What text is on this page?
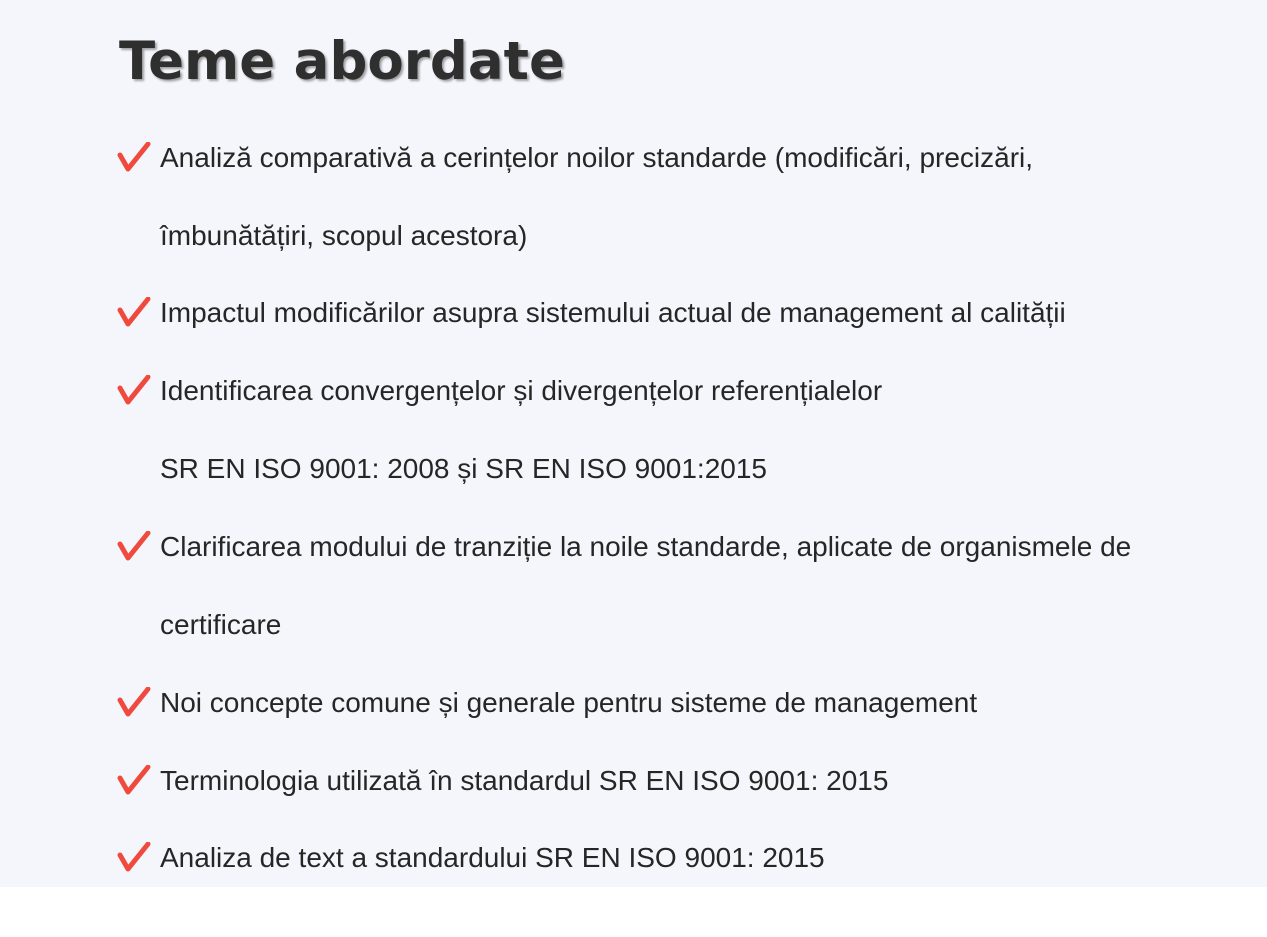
Teme abordate
Analiză comparativă a cerințelor noilor standarde (modificări, precizări,
îmbunătățiri, scopul acestora)
Impactul modificărilor asupra sistemului actual de management al calității
Identificarea convergențelor și divergențelor referențialelor
SR EN ISO 9001: 2008 și SR EN ISO 9001:2015
Clarificarea modului de tranziție la noile standarde, aplicate de organismele de
certificare
Noi concepte comune și generale pentru sisteme de management
Terminologia utilizată în standardul SR EN ISO 9001: 2015
Analiza de text a standardului SR EN ISO 9001: 2015
